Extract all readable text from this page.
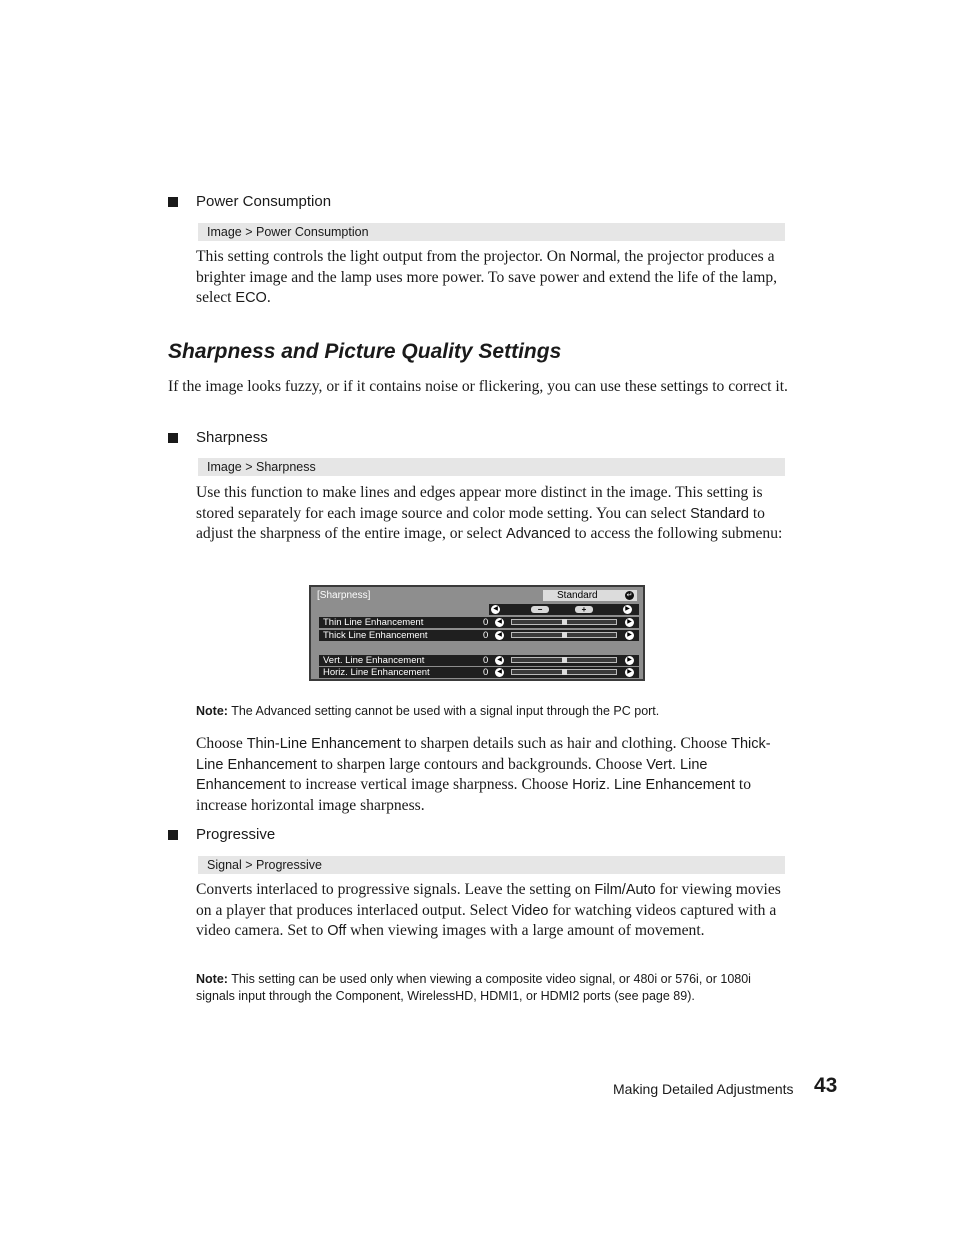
Power Consumption
Image > Power Consumption
This setting controls the light output from the projector. On Normal, the projector produces a brighter image and the lamp uses more power. To save power and extend the life of the lamp, select ECO.
Sharpness and Picture Quality Settings
If the image looks fuzzy, or if it contains noise or flickering, you can use these settings to correct it.
Sharpness
Image > Sharpness
Use this function to make lines and edges appear more distinct in the image. This setting is stored separately for each image source and color mode setting. You can select Standard to adjust the sharpness of the entire image, or select Advanced to access the following submenu:
[Sharpness]	Standard	↵
◀	−	+	▶
Thin Line Enhancement	0	◀	▶
Thick Line Enhancement	0	◀	▶
Vert. Line Enhancement	0	◀	▶
Horiz. Line Enhancement	0	◀	▶
Note: The Advanced setting cannot be used with a signal input through the PC port.
Choose Thin-Line Enhancement to sharpen details such as hair and clothing. Choose Thick-Line Enhancement to sharpen large contours and backgrounds. Choose Vert. Line Enhancement to increase vertical image sharpness. Choose Horiz. Line Enhancement to increase horizontal image sharpness.
Progressive
Signal > Progressive
Converts interlaced to progressive signals. Leave the setting on Film/Auto for viewing movies on a player that produces interlaced output. Select Video for watching videos captured with a video camera. Set to Off when viewing images with a large amount of movement.
Note: This setting can be used only when viewing a composite video signal, or 480i or 576i, or 1080i signals input through the Component, WirelessHD, HDMI1, or HDMI2 ports (see page 89).
Making Detailed Adjustments 43
